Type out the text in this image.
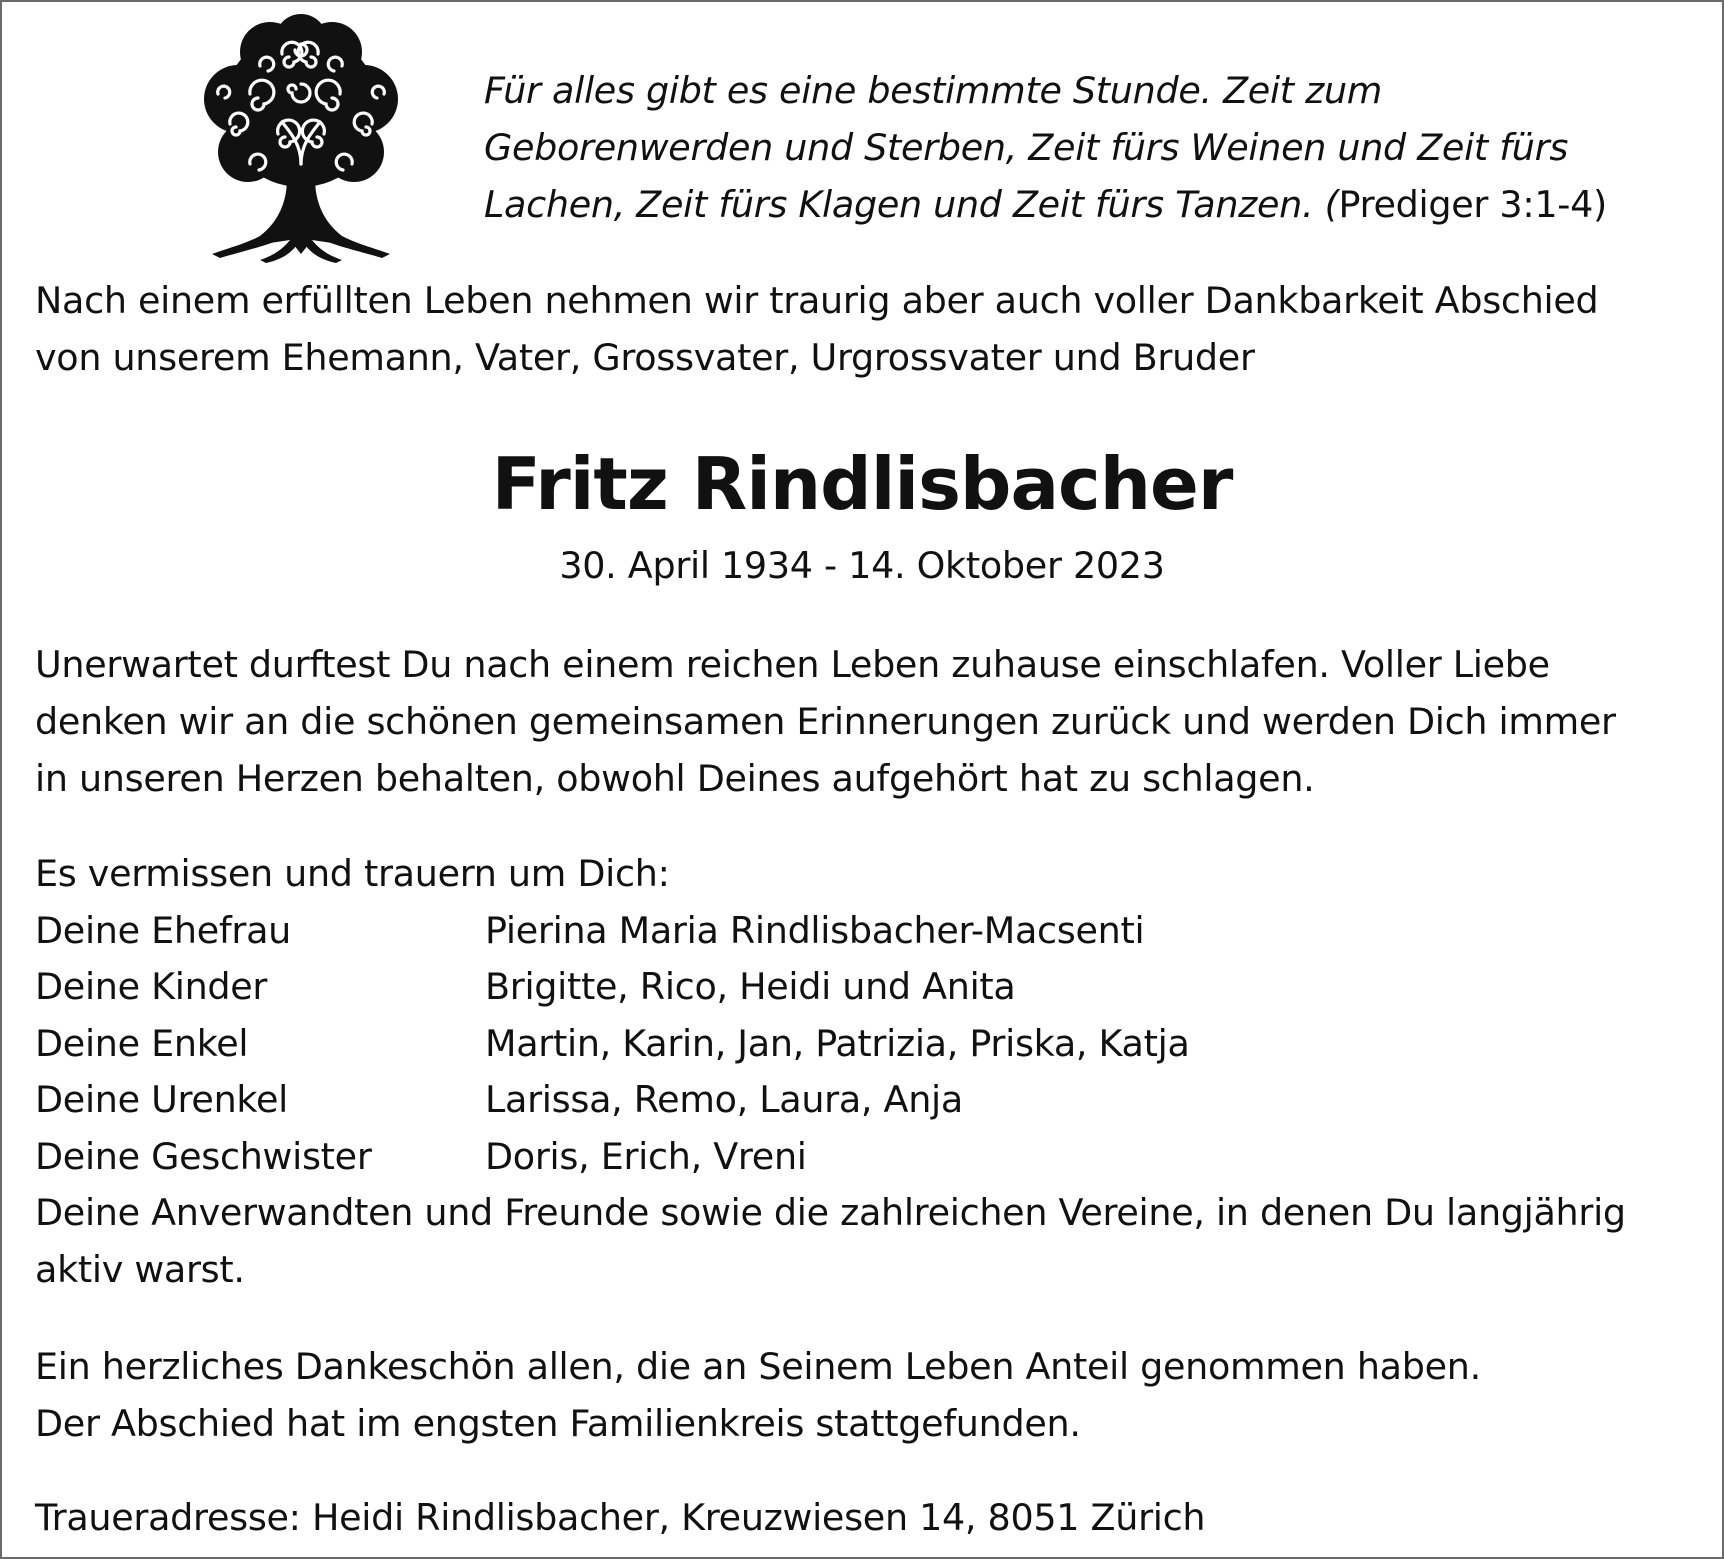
Für alles gibt es eine bestimmte Stunde. Zeit zum
Geborenwerden und Sterben, Zeit fürs Weinen und Zeit fürs
Lachen, Zeit fürs Klagen und Zeit fürs Tanzen. (Prediger 3:1-4)
Nach einem erfüllten Leben nehmen wir traurig aber auch voller Dankbarkeit Abschied
von unserem Ehemann, Vater, Grossvater, Urgrossvater und Bruder
Fritz Rindlisbacher
30. April 1934 - 14. Oktober 2023
Unerwartet durftest Du nach einem reichen Leben zuhause einschlafen. Voller Liebe
denken wir an die schönen gemeinsamen Erinnerungen zurück und werden Dich immer
in unseren Herzen behalten, obwohl Deines aufgehört hat zu schlagen.
Es vermissen und trauern um Dich:
Deine Ehefrau	Pierina Maria Rindlisbacher-Macsenti
Deine Kinder	Brigitte, Rico, Heidi und Anita
Deine Enkel	Martin, Karin, Jan, Patrizia, Priska, Katja
Deine Urenkel	Larissa, Remo, Laura, Anja
Deine Geschwister	Doris, Erich, Vreni
Deine Anverwandten und Freunde sowie die zahlreichen Vereine, in denen Du langjährig
aktiv warst.
Ein herzliches Dankeschön allen, die an Seinem Leben Anteil genommen haben.
Der Abschied hat im engsten Familienkreis stattgefunden.
Traueradresse: Heidi Rindlisbacher, Kreuzwiesen 14, 8051 Zürich
